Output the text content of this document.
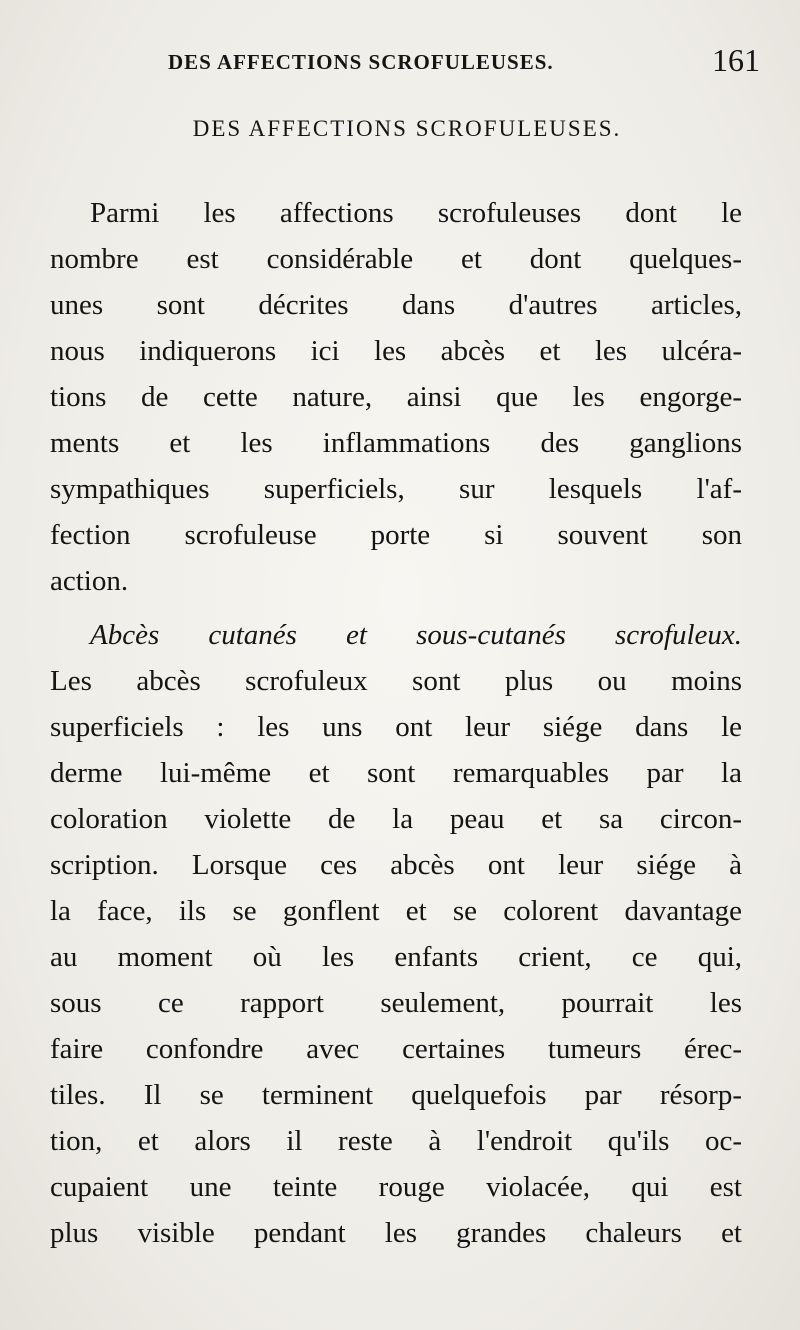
DES AFFECTIONS SCROFULEUSES.	161
DES AFFECTIONS SCROFULEUSES.
Parmi les affections scrofuleuses dont le
nombre est considérable et dont quelques-
unes sont décrites dans d'autres articles,
nous indiquerons ici les abcès et les ulcéra-
tions de cette nature, ainsi que les engorge-
ments et les inflammations des ganglions
sympathiques superficiels, sur lesquels l'af-
fection scrofuleuse porte si souvent son
action.
Abcès cutanés et sous-cutanés scrofuleux.
Les abcès scrofuleux sont plus ou moins
superficiels : les uns ont leur siége dans le
derme lui-même et sont remarquables par la
coloration violette de la peau et sa circon-
scription. Lorsque ces abcès ont leur siége à
la face, ils se gonflent et se colorent davantage
au moment où les enfants crient, ce qui,
sous ce rapport seulement, pourrait les
faire confondre avec certaines tumeurs érec-
tiles. Il se terminent quelquefois par résorp-
tion, et alors il reste à l'endroit qu'ils oc-
cupaient une teinte rouge violacée, qui est
plus visible pendant les grandes chaleurs et
